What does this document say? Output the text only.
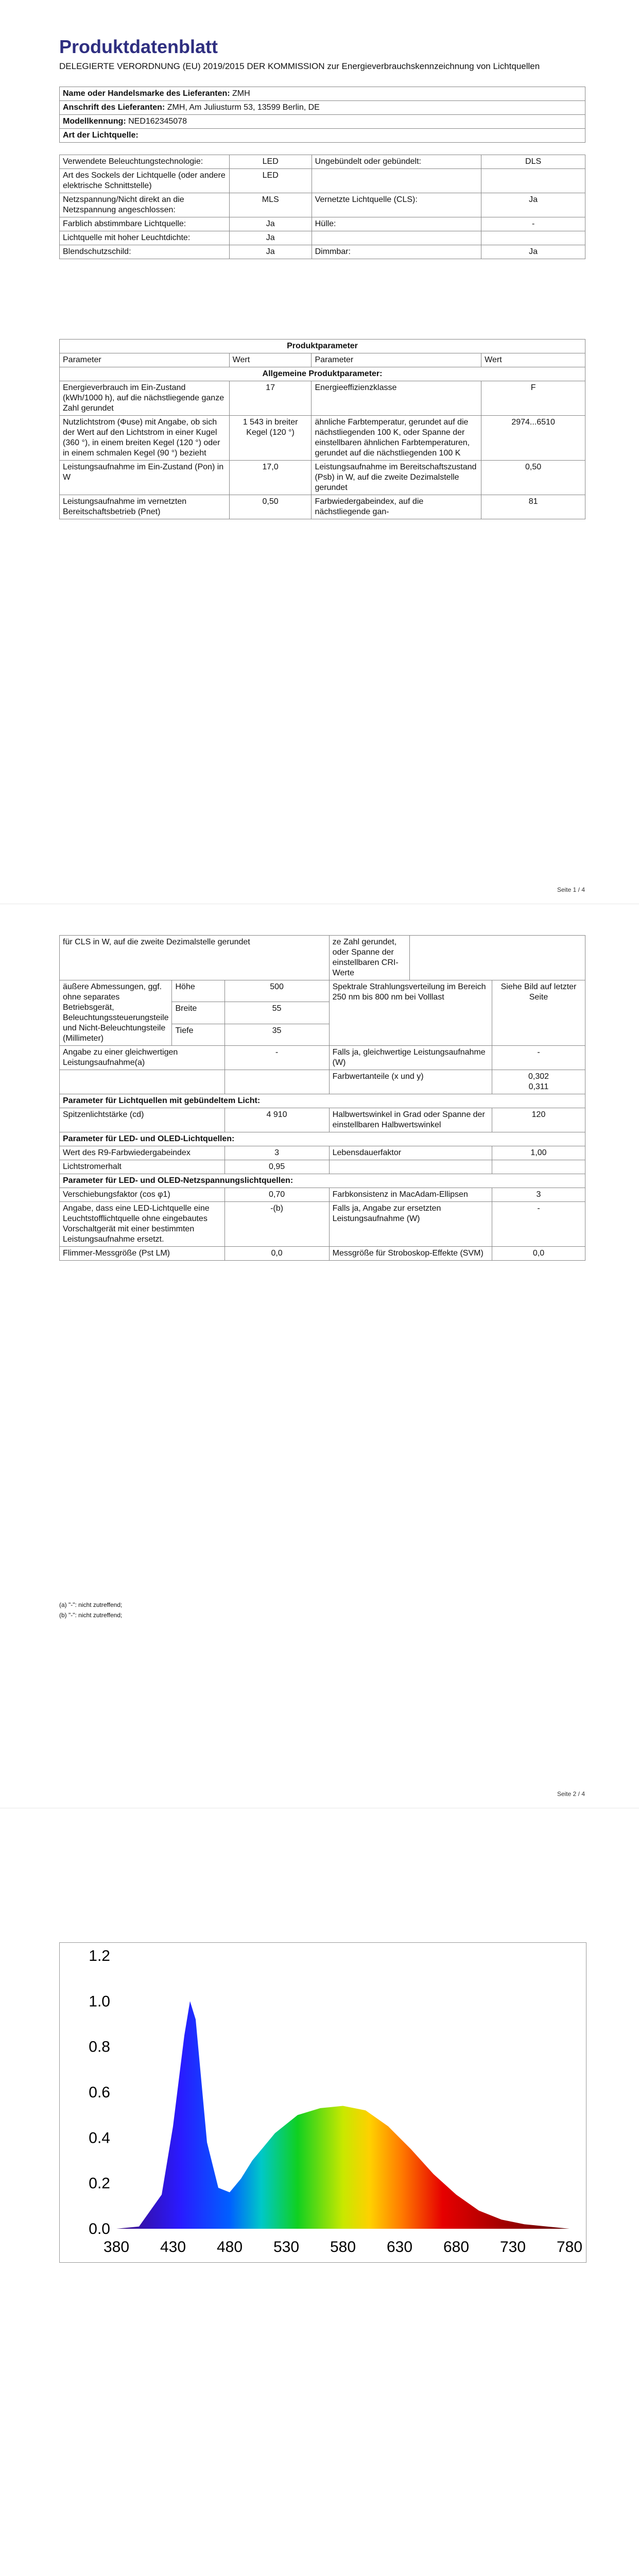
Produktdatenblatt
DELEGIERTE VERORDNUNG (EU) 2019/2015 DER KOMMISSION zur Energieverbrauchskennzeichnung von Lichtquellen
Name oder Handelsmarke des Lieferanten: ZMH
Anschrift des Lieferanten: ZMH, Am Juliusturm 53, 13599 Berlin, DE
Modellkennung: NED162345078
Art der Lichtquelle:
Verwendete Beleuchtungstechnologie:	LED	Ungebündelt oder gebündelt:	DLS
Art des Sockels der Lichtquelle (oder andere elektrische Schnittstelle)	LED		
Netzspannung/Nicht direkt an die Netzspannung angeschlossen:	MLS	Vernetzte Lichtquelle (CLS):	Ja
Farblich abstimmbare Lichtquelle:	Ja	Hülle:	-
Lichtquelle mit hoher Leuchtdichte:	Ja		
Blendschutzschild:	Ja	Dimmbar:	Ja
Produktparameter			
Parameter	Wert	Parameter	Wert
Allgemeine Produktparameter:			
Energieverbrauch im Ein-Zustand (kWh/1000 h), auf die nächstliegende ganze Zahl gerundet	17	Energieeffizienzklasse	F
Nutzlichtstrom (Φuse) mit Angabe, ob sich der Wert auf den Lichtstrom in einer Kugel (360 °), in einem breiten Kegel (120 °) oder in einem schmalen Kegel (90 °) bezieht	1 543 in breiter Kegel (120 °)	ähnliche Farbtemperatur, gerundet auf die nächstliegenden 100 K, oder Spanne der einstellbaren ähnlichen Farbtemperaturen, gerundet auf die nächstliegenden 100 K	2974...6510
Leistungsaufnahme im Ein-Zustand (Pon) in W	17,0	Leistungsaufnahme im Bereitschaftszustand (Psb) in W, auf die zweite Dezimalstelle gerundet	0,50
Leistungsaufnahme im vernetzten Bereitschaftsbetrieb (Pnet)	0,50	Farbwiedergabeindex, auf die nächstliegende gan-	81
Seite 1 / 4
für CLS in W, auf die zweite Dezimalstelle gerundet			ze Zahl gerundet, oder Spanne der einstellbaren CRI-Werte		
äußere Abmessungen, ggf. ohne separates Betriebsgerät, Beleuchtungssteuerungsteile und Nicht-Beleuchtungsteile (Millimeter)	Höhe	500	Spektrale Strahlungsverteilung im Bereich 250 nm bis 800 nm bei Volllast		Siehe Bild auf letzter Seite
	Breite	55			
	Tiefe	35			
Angabe zu einer gleichwertigen Leistungsaufnahme(a)		-	Falls ja, gleichwertige Leistungsaufnahme (W)		-
			Farbwertanteile (x und y)		0,302
0,311
Parameter für Lichtquellen mit gebündeltem Licht:					
Spitzenlichtstärke (cd)		4 910	Halbwertswinkel in Grad oder Spanne der einstellbaren Halbwertswinkel		120
Parameter für LED- und OLED-Lichtquellen:					
Wert des R9-Farbwiedergabeindex		3	Lebensdauerfaktor		1,00
Lichtstromerhalt		0,95			
Parameter für LED- und OLED-Netzspannungslichtquellen:					
Verschiebungsfaktor (cos φ1)		0,70	Farbkonsistenz in MacAdam-Ellipsen		3
Angabe, dass eine LED-Lichtquelle eine Leuchtstofflichtquelle ohne eingebautes Vorschaltgerät mit einer bestimmten Leistungsaufnahme ersetzt.		-(b)	Falls ja, Angabe zur ersetzten Leistungsaufnahme (W)		-
Flimmer-Messgröße (Pst LM)		0,0	Messgröße für Stroboskop-Effekte (SVM)		0,0
(a) "-": nicht zutreffend;
(b) "-": nicht zutreffend;
Seite 2 / 4
0.0
0.2
0.4
0.6
0.8
1.0
1.2
380 430 480 530 580 630 680 730 780
